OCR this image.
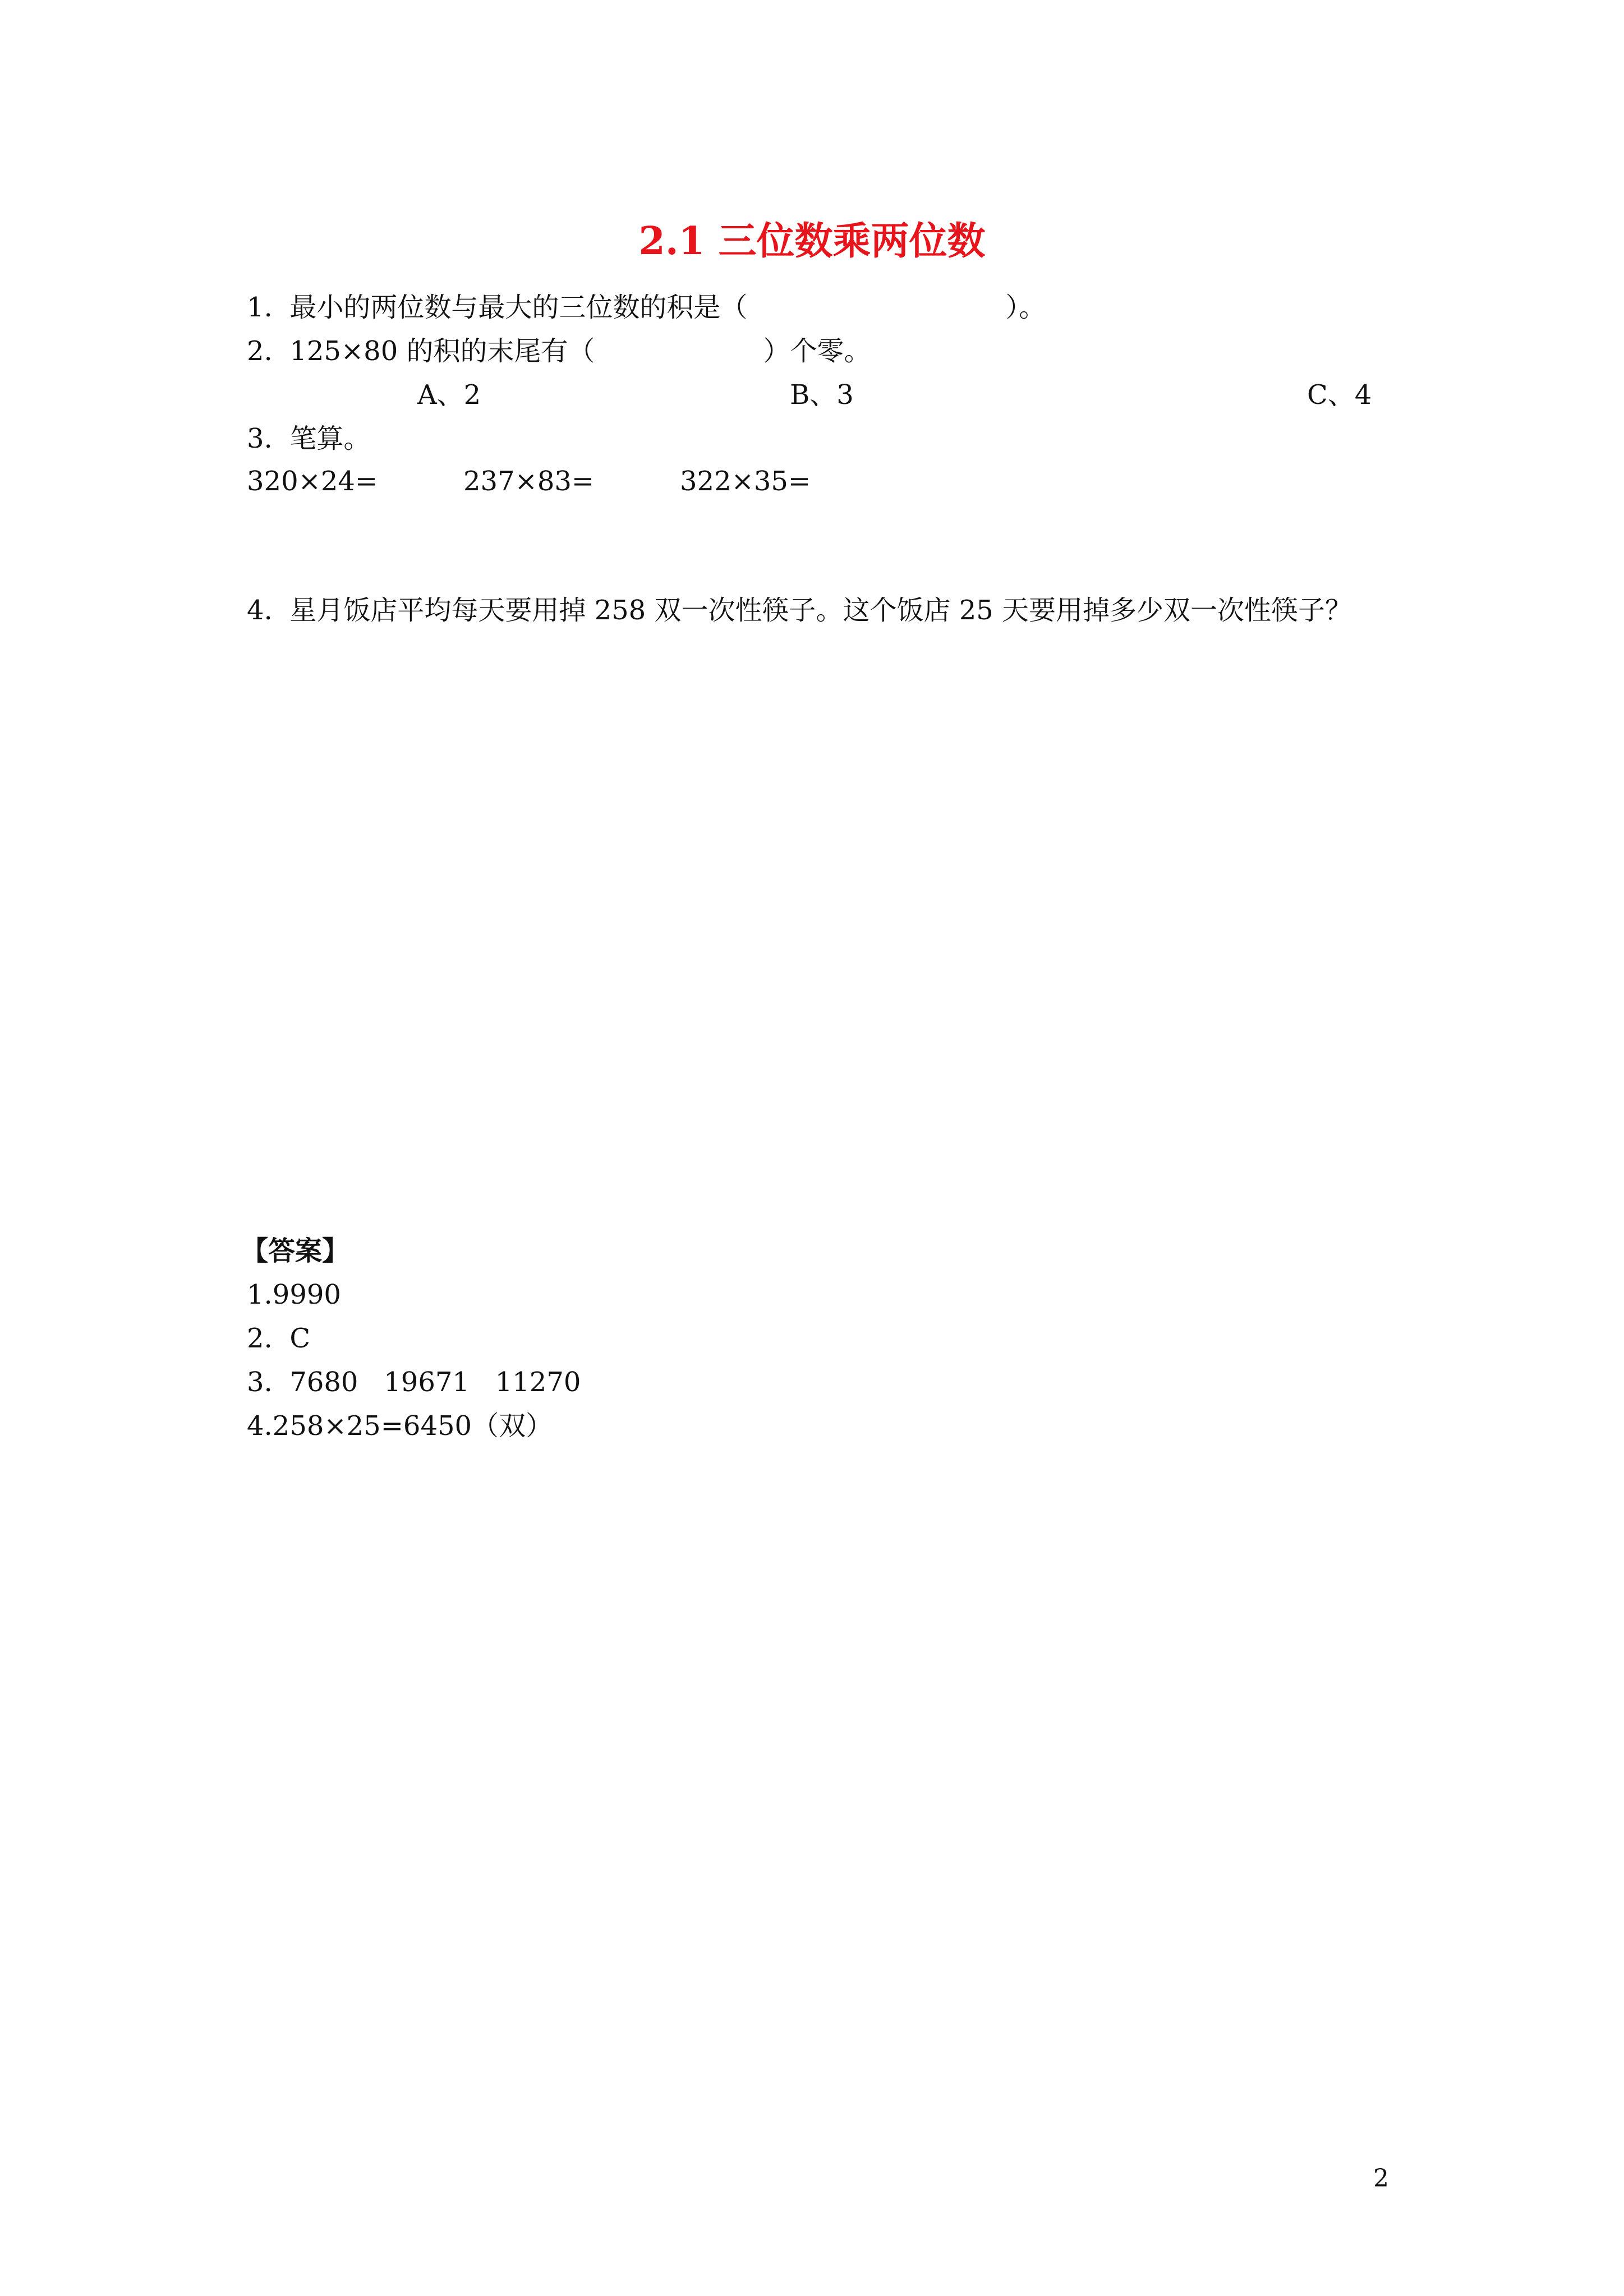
2.1 三位数乘两位数
1.  最小的两位数与最大的三位数的积是（	）。
2.  125×80 的积的末尾有（	）个零。
A、2	B、3	C、4
3.  笔算。
320×24=	237×83=	322×35=
4.  星月饭店平均每天要用掉 258 双一次性筷子。这个饭店 25 天要用掉多少双一次性筷子？
【答案】
1.9990
2.  C
3.  7680   19671   11270
4.258×25=6450（双）
2
